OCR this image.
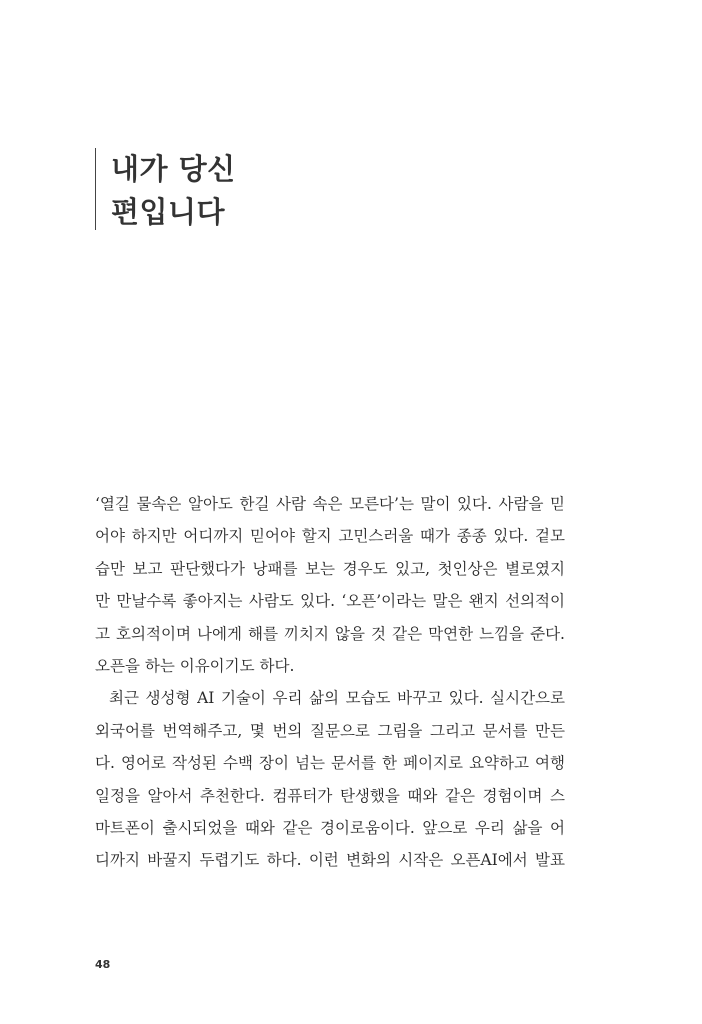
내가 당신
편입니다
‘열길 물속은 알아도 한길 사람 속은 모른다’는 말이 있다. 사람을 믿
어야 하지만 어디까지 믿어야 할지 고민스러울 때가 종종 있다. 겉모
습만 보고 판단했다가 낭패를 보는 경우도 있고, 첫인상은 별로였지
만 만날수록 좋아지는 사람도 있다. ‘오픈’이라는 말은 왠지 선의적이
고 호의적이며 나에게 해를 끼치지 않을 것 같은 막연한 느낌을 준다.
오픈을 하는 이유이기도 하다.
최근 생성형 AI 기술이 우리 삶의 모습도 바꾸고 있다. 실시간으로
외국어를 번역해주고, 몇 번의 질문으로 그림을 그리고 문서를 만든
다. 영어로 작성된 수백 장이 넘는 문서를 한 페이지로 요약하고 여행
일정을 알아서 추천한다. 컴퓨터가 탄생했을 때와 같은 경험이며 스
마트폰이 출시되었을 때와 같은 경이로움이다. 앞으로 우리 삶을 어
디까지 바꿀지 두렵기도 하다. 이런 변화의 시작은 오픈AI에서 발표
48
